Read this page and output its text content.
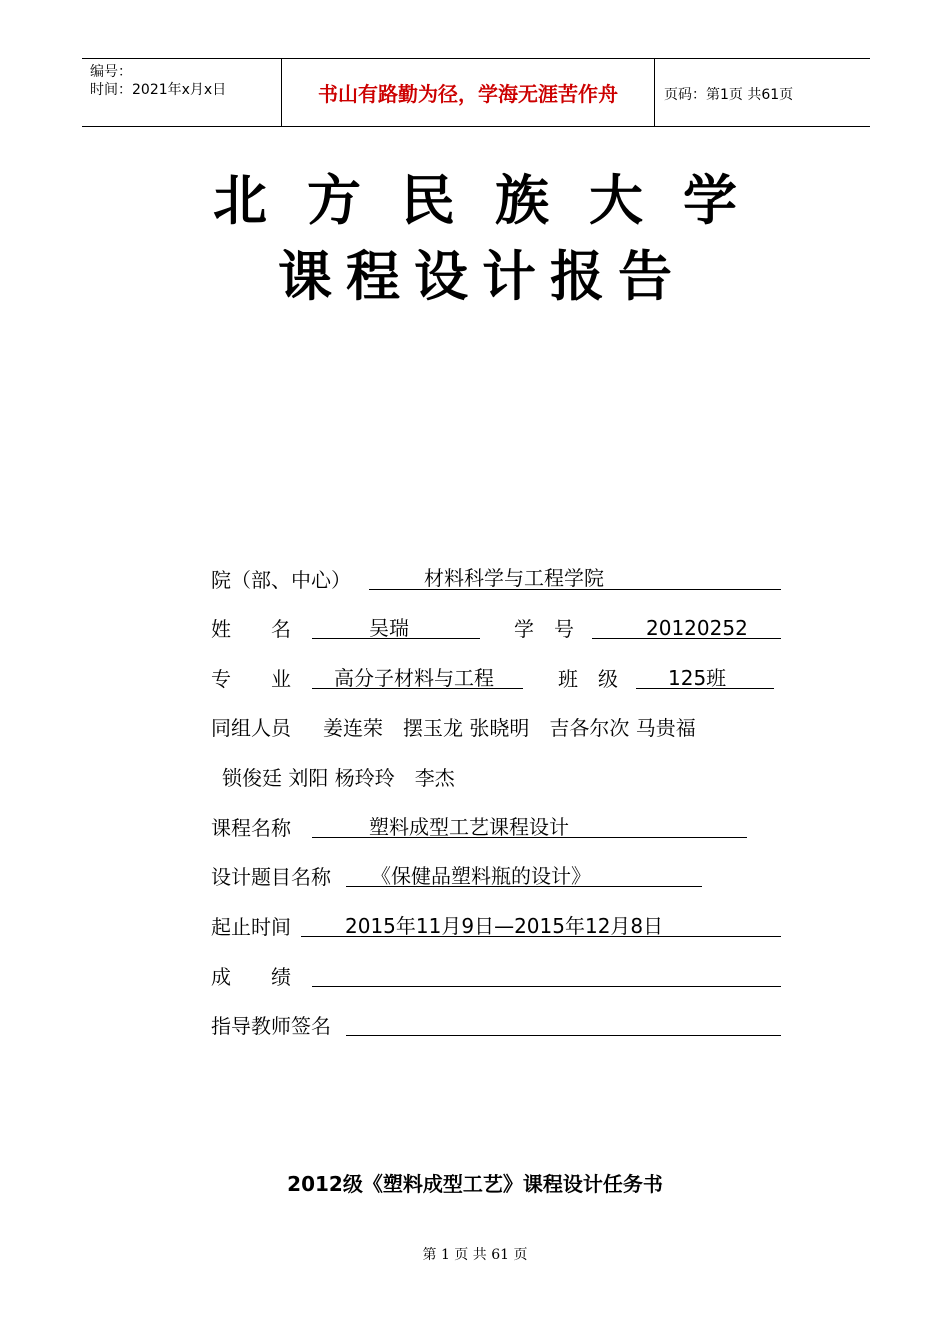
编号：
时间：2021年x月x日	书山有路勤为径，学海无涯苦作舟	页码：第1页 共61页
北方民族大学
课程设计报告
院（部、中心）	材料科学与工程学院
姓　　名	吴瑞	学　号	20120252
专　　业 高分子材料与工程	班　级	125班
同组人员 姜连荣　摆玉龙 张晓明　吉各尔次 马贵福
锁俊廷 刘阳 杨玲玲　李杰
课程名称	塑料成型工艺课程设计
设计题目名称 《保健品塑料瓶的设计》
起止时间	2015年11月9日—2015年12月8日
成　　绩
指导教师签名
2012级《塑料成型工艺》课程设计任务书
第 1 页 共 61 页
